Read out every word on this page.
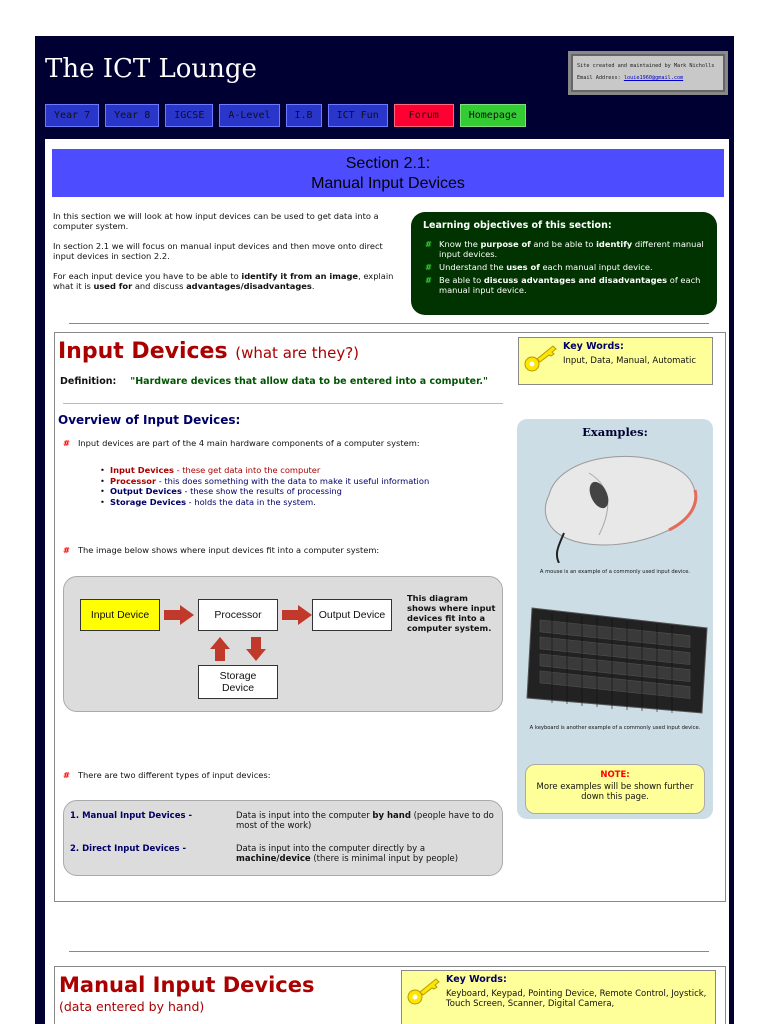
The ICT Lounge	Site created and maintained by Mark Nicholls
Email Address: louie1960@gmail.com
Year 7	Year 8	IGCSE	A-Level	I.B	ICT Fun	Forum	Homepage
Section 2.1:
Manual Input Devices

In this section we will look at how input devices can be used to get data into a computer system.

In section 2.1 we will focus on manual input devices and then move onto direct input devices in section 2.2.

For each input device you have to be able to identify it from an image, explain what it is used for and discuss advantages/disadvantages.

Learning objectives of this section:
# Know the purpose of and be able to identify different manual input devices.
# Understand the uses of each manual input device.
# Be able to discuss advantages and disadvantages of each manual input device.
Input Devices (what are they?)
Definition: "Hardware devices that allow data to be entered into a computer."
Key Words:
Input, Data, Manual, Automatic
Overview of Input Devices:
# Input devices are part of the 4 main hardware components of a computer system:
• Input Devices - these get data into the computer
• Processor - this does something with the data to make it useful information
• Output Devices - these show the results of processing
• Storage Devices - holds the data in the system.
# The image below shows where input devices fit into a computer system:
Input Device	Processor	Output Device
Storage Device
This diagram shows where input devices fit into a computer system.
# There are two different types of input devices:
1. Manual Input Devices -	Data is input into the computer by hand (people have to do most of the work)
2. Direct Input Devices -	Data is input into the computer directly by a machine/device (there is minimal input by people)
Examples:
A mouse is an example of a commonly used input device.
A keyboard is another example of a commonly used input device.
NOTE:
More examples will be shown further down this page.
Manual Input Devices
(data entered by hand)
Key Words:
Keyboard, Keypad, Pointing Device, Remote Control, Joystick, Touch Screen, Scanner, Digital Camera,
